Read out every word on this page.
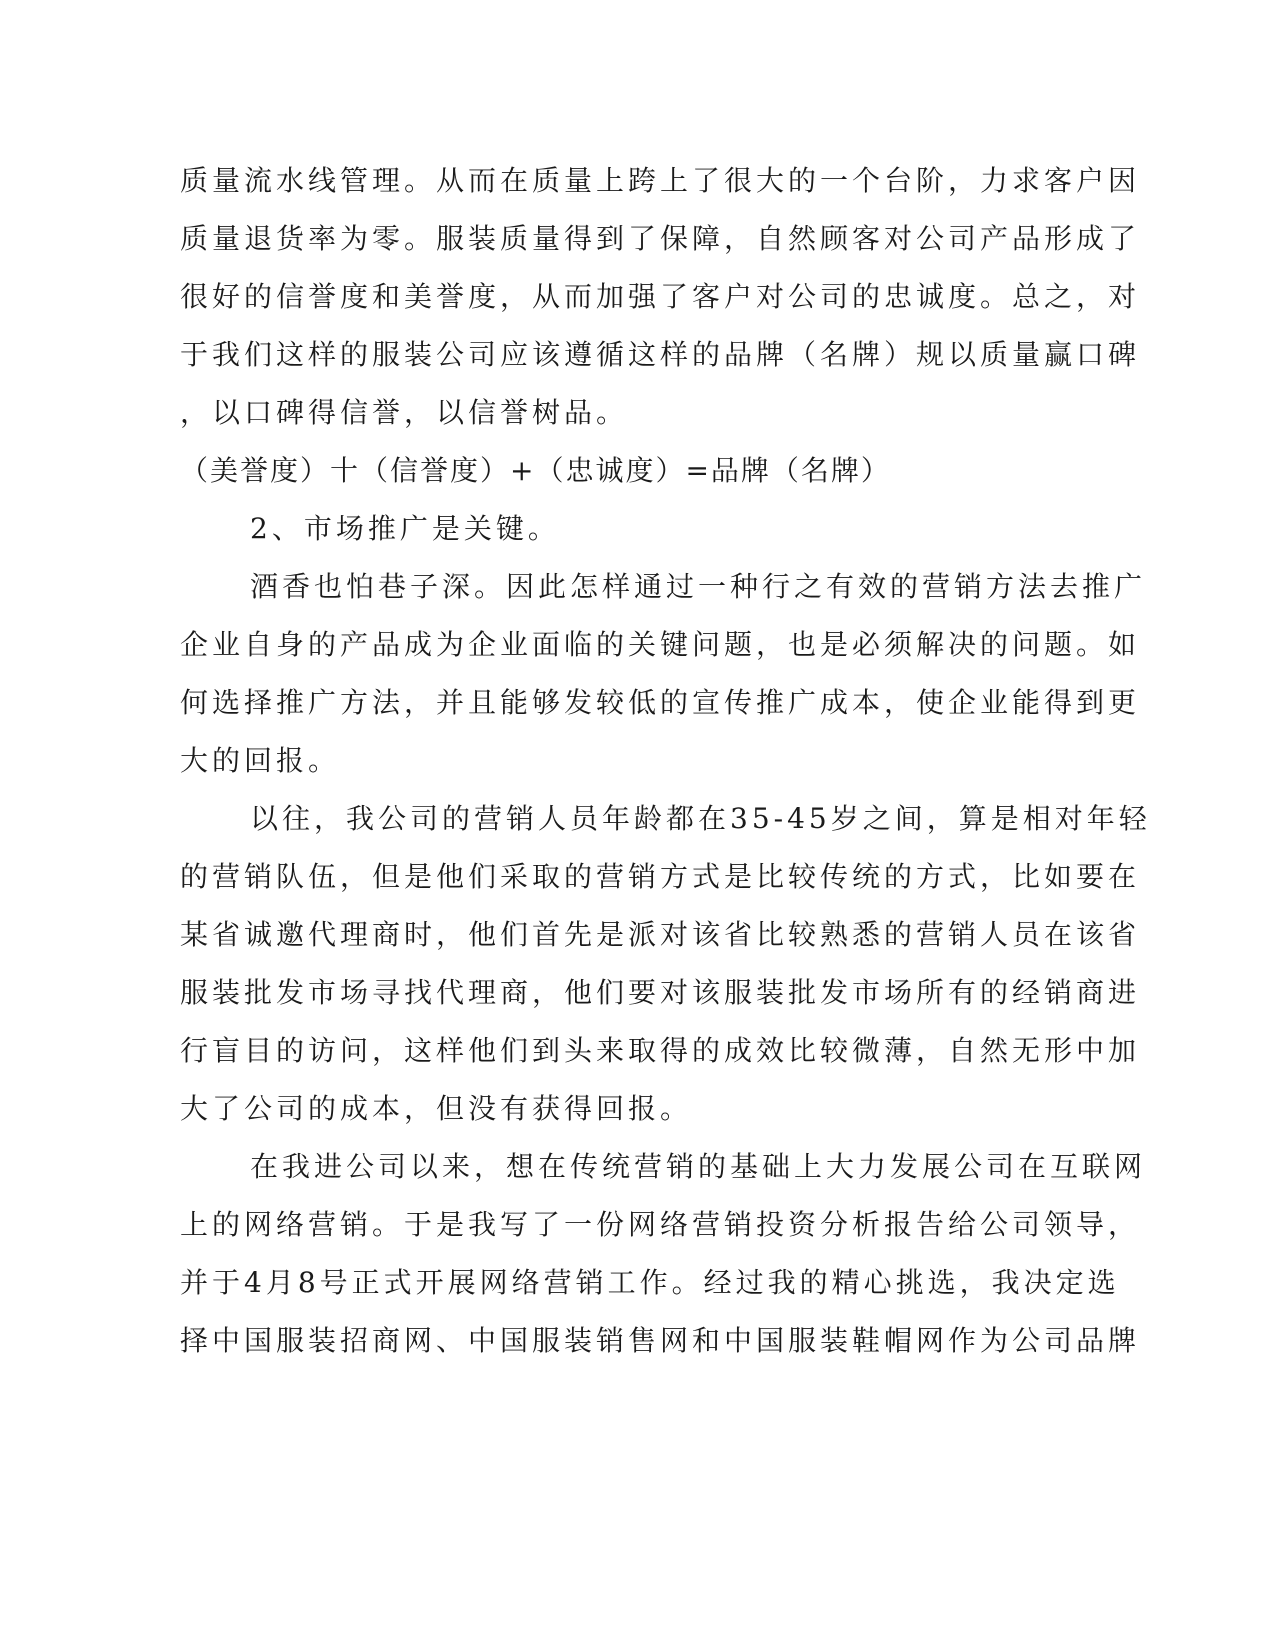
质量流水线管理。从而在质量上跨上了很大的一个台阶，力求客户因
质量退货率为零。服装质量得到了保障，自然顾客对公司产品形成了
很好的信誉度和美誉度，从而加强了客户对公司的忠诚度。总之，对
于我们这样的服装公司应该遵循这样的品牌（名牌）规以质量赢口碑
，以口碑得信誉，以信誉树品。

（美誉度）十（信誉度）+（忠诚度）=品牌（名牌）

2、市场推广是关键。

酒香也怕巷子深。因此怎样通过一种行之有效的营销方法去推广
企业自身的产品成为企业面临的关键问题，也是必须解决的问题。如
何选择推广方法，并且能够发较低的宣传推广成本，使企业能得到更
大的回报。

以往，我公司的营销人员年龄都在35-45岁之间，算是相对年轻
的营销队伍，但是他们采取的营销方式是比较传统的方式，比如要在
某省诚邀代理商时，他们首先是派对该省比较熟悉的营销人员在该省
服装批发市场寻找代理商，他们要对该服装批发市场所有的经销商进
行盲目的访问，这样他们到头来取得的成效比较微薄，自然无形中加
大了公司的成本，但没有获得回报。

在我进公司以来，想在传统营销的基础上大力发展公司在互联网
上的网络营销。于是我写了一份网络营销投资分析报告给公司领导，
并于4月8号正式开展网络营销工作。经过我的精心挑选，我决定选
择中国服装招商网、中国服装销售网和中国服装鞋帽网作为公司品牌
